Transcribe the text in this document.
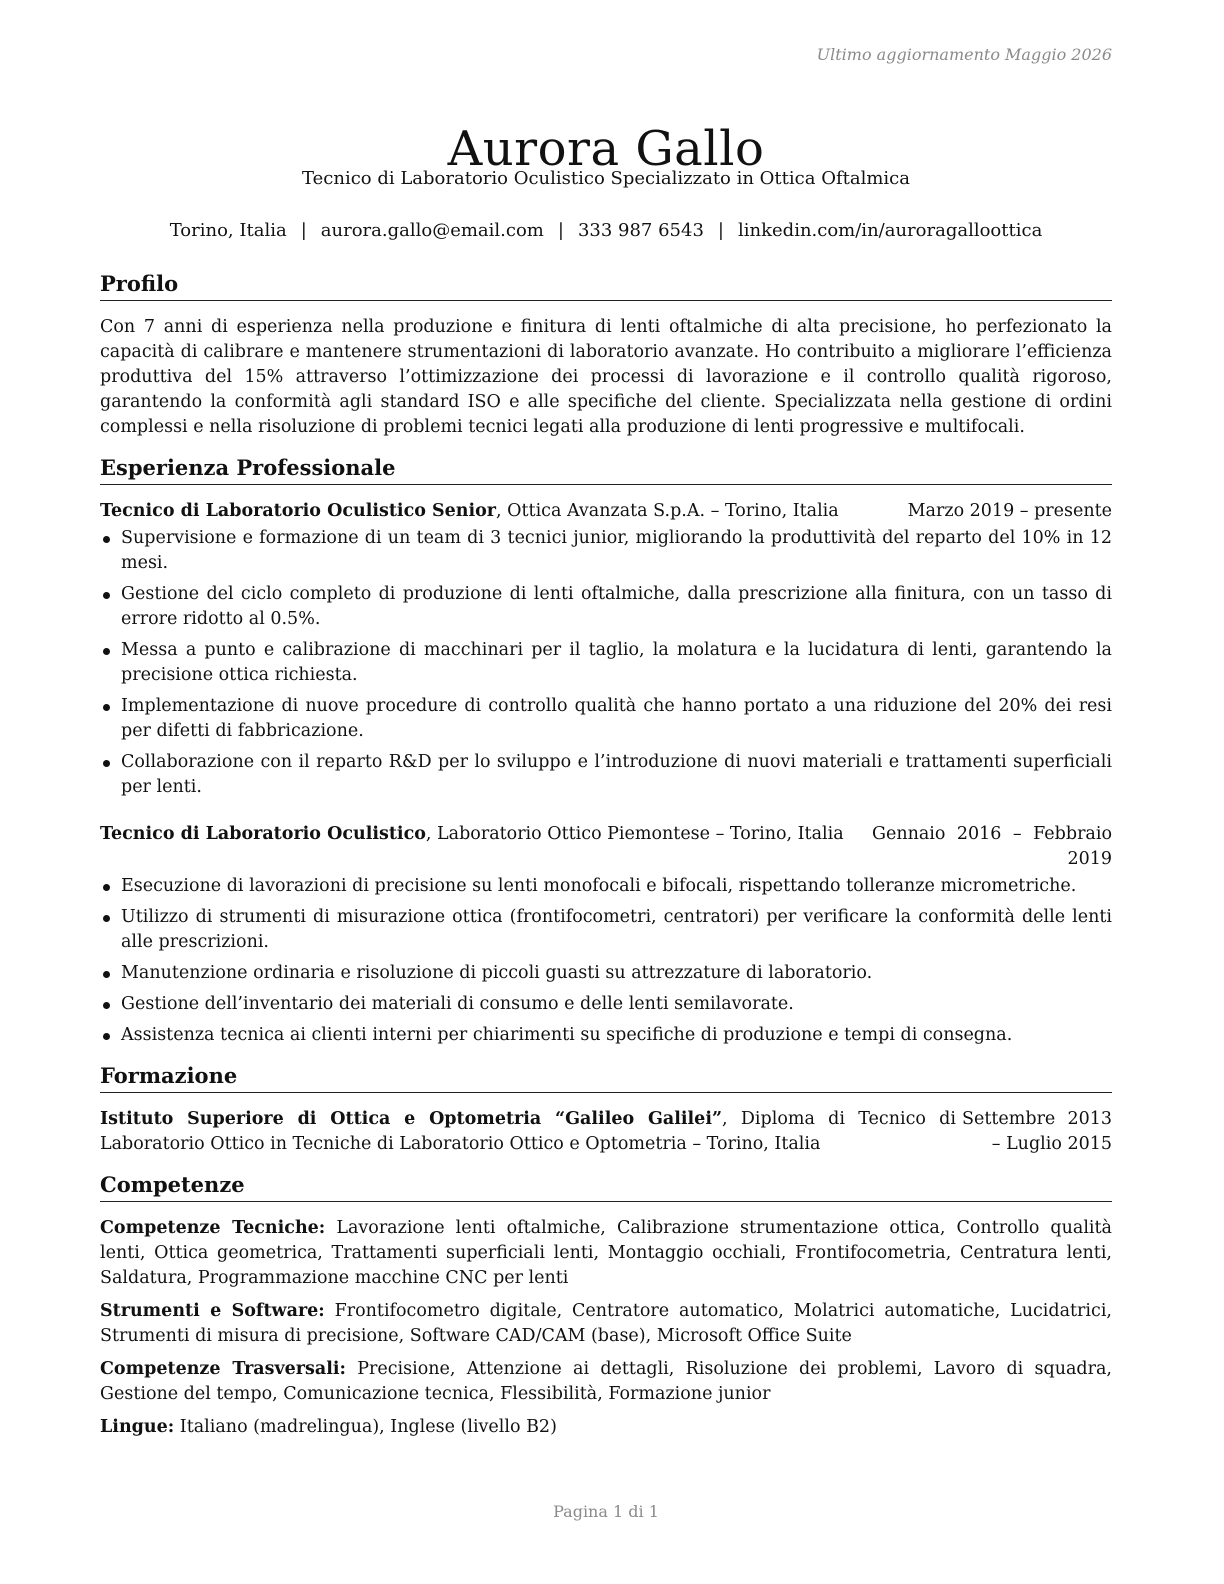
Ultimo aggiornamento Maggio 2026
Aurora Gallo
Tecnico di Laboratorio Oculistico Specializzato in Ottica Oftalmica
Torino, Italia | aurora.gallo@email.com | 333 987 6543 | linkedin.com/in/auroragalloottica
Profilo

Con 7 anni di esperienza nella produzione e finitura di lenti oftalmiche di alta precisione, ho perfezionato la capacità di calibrare e mantenere strumentazioni di laboratorio avanzate. Ho contribuito a migliorare l’efficienza produttiva del 15% attraverso l’ottimizzazione dei processi di lavorazione e il controllo qualità rigoroso, garantendo la conformità agli standard ISO e alle specifiche del cliente. Specializzata nella gestione di ordini complessi e nella risoluzione di problemi tecnici legati alla produzione di lenti progressive e multifocali.

Esperienza Professionale
Tecnico di Laboratorio Oculistico Senior, Ottica Avanzata S.p.A. – Torino, Italia	Marzo 2019 – presente
Supervisione e formazione di un team di 3 tecnici junior, migliorando la produttività del reparto del 10% in 12 mesi.
Gestione del ciclo completo di produzione di lenti oftalmiche, dalla prescrizione alla finitura, con un tasso di errore ridotto al 0.5%.
Messa a punto e calibrazione di macchinari per il taglio, la molatura e la lucidatura di lenti, garantendo la precisione ottica richiesta.
Implementazione di nuove procedure di controllo qualità che hanno portato a una riduzione del 20% dei resi per difetti di fabbricazione.
Collaborazione con il reparto R&D per lo sviluppo e l’introduzione di nuovi materiali e trattamenti superficiali per lenti.
Tecnico di Laboratorio Oculistico, Laboratorio Ottico Piemontese – Torino, Italia	Gennaio 2016 – Febbraio 2019
Esecuzione di lavorazioni di precisione su lenti monofocali e bifocali, rispettando tolleranze micrometriche.
Utilizzo di strumenti di misurazione ottica (frontifocometri, centratori) per verificare la conformità delle lenti alle prescrizioni.
Manutenzione ordinaria e risoluzione di piccoli guasti su attrezzature di laboratorio.
Gestione dell’inventario dei materiali di consumo e delle lenti semilavorate.
Assistenza tecnica ai clienti interni per chiarimenti su specifiche di produzione e tempi di consegna.
Formazione
Istituto Superiore di Ottica e Optometria “Galileo Galilei”, Diploma di Tecnico di Laboratorio Ottico in Tecniche di Laboratorio Ottico e Optometria – Torino, Italia
Settembre 2013 – Luglio 2015
Competenze

Competenze Tecniche: Lavorazione lenti oftalmiche, Calibrazione strumentazione ottica, Controllo qualità lenti, Ottica geometrica, Trattamenti superficiali lenti, Montaggio occhiali, Frontifocometria, Centratura lenti, Saldatura, Programmazione macchine CNC per lenti

Strumenti e Software: Frontifocometro digitale, Centratore automatico, Molatrici automatiche, Lucidatrici, Strumenti di misura di precisione, Software CAD/CAM (base), Microsoft Office Suite

Competenze Trasversali: Precisione, Attenzione ai dettagli, Risoluzione dei problemi, Lavoro di squadra, Gestione del tempo, Comunicazione tecnica, Flessibilità, Formazione junior

Lingue: Italiano (madrelingua), Inglese (livello B2)

Pagina 1 di 1
